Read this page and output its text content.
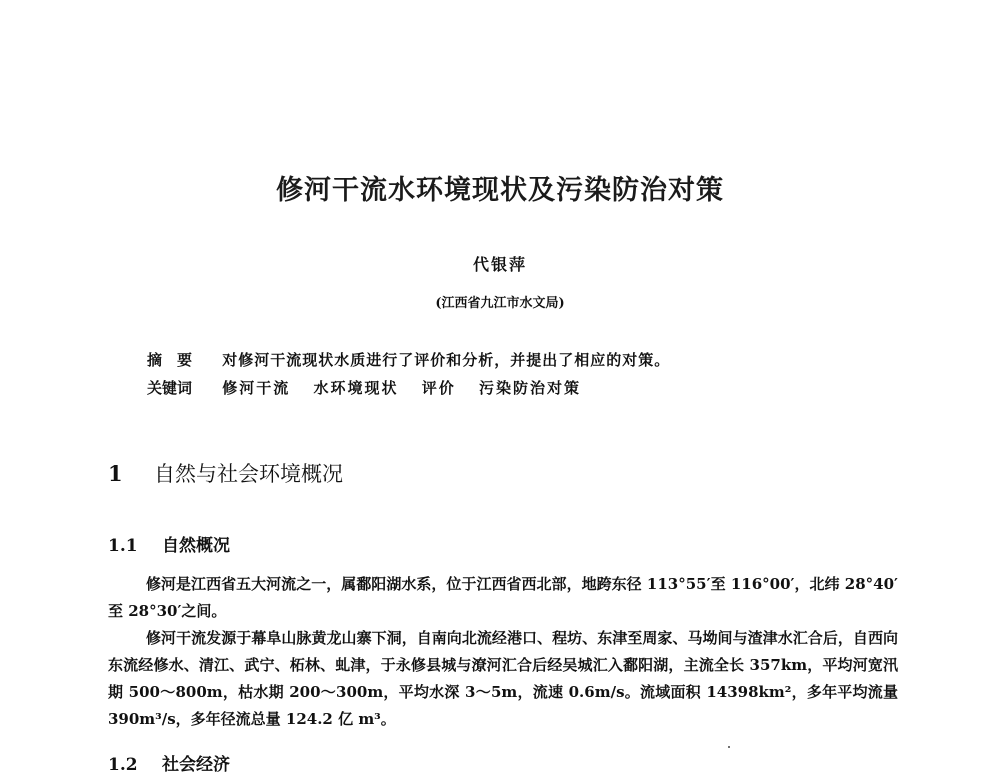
修河干流水环境现状及污染防治对策
代银萍
(江西省九江市水文局)
摘　要 对修河干流现状水质进行了评价和分析，并提出了相应的对策。
关键词 修河干流 水环境现状 评价 污染防治对策
1 自然与社会环境概况
1.1 自然概况
修河是江西省五大河流之一，属鄱阳湖水系，位于江西省西北部，地跨东径 113°55′至 116°00′，北纬 28°40′至 28°30′之间。
修河干流发源于幕阜山脉黄龙山寨下洞，自南向北流经港口、程坊、东津至周家、马坳间与渣津水汇合后，自西向东流经修水、清江、武宁、柘林、虬津，于永修县城与潦河汇合后经吴城汇入鄱阳湖，主流全长 357km，平均河宽汛期 500～800m，枯水期 200～300m，平均水深 3～5m，流速 0.6m/s。流域面积 14398km²，多年平均流量 390m³/s，多年径流总量 124.2 亿 m³。
1.2 社会经济
